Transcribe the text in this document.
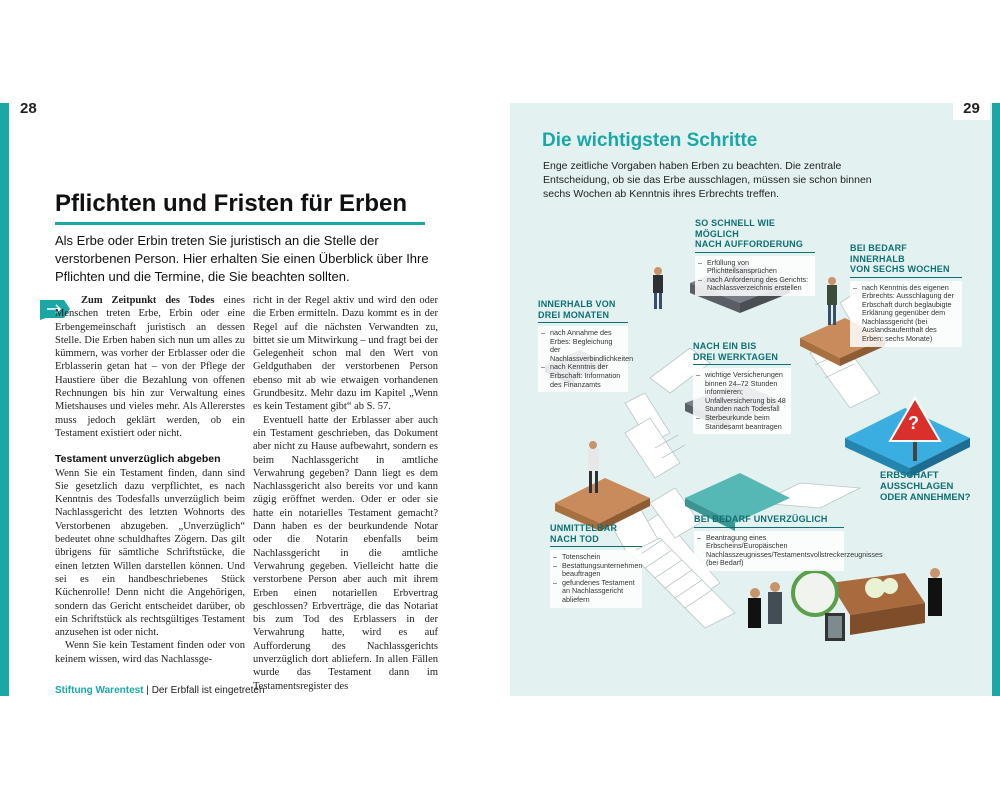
28
Pflichten und Fristen für Erben

Als Erbe oder Erbin treten Sie juristisch an die Stelle der verstorbenen Person. Hier erhalten Sie einen Überblick über Ihre Pflichten und die Termine, die Sie beachten sollten.

Zum Zeitpunkt des Todes eines Menschen treten Erbe, Erbin oder eine Erbengemeinschaft juristisch an dessen Stelle. Die Erben haben sich nun um alles zu kümmern, was vorher der Erblasser oder die Erblasserin getan hat – von der Pflege der Haustiere über die Bezahlung von offenen Rechnungen bis hin zur Verwaltung eines Mietshauses und vieles mehr. Als Allererstes muss jedoch geklärt werden, ob ein Testament existiert oder nicht.

Testament unverzüglich abgeben

Wenn Sie ein Testament finden, dann sind Sie gesetzlich dazu verpflichtet, es nach Kenntnis des Todesfalls unverzüglich beim Nachlassgericht des letzten Wohnorts des Verstorbenen abzugeben. „Unverzüglich“ bedeutet ohne schuldhaftes Zögern. Das gilt übrigens für sämtliche Schriftstücke, die einen letzten Willen darstellen können. Und sei es ein handbeschriebenes Stück Küchenrolle! Denn nicht die Angehörigen, sondern das Gericht entscheidet darüber, ob ein Schriftstück als rechtsgültiges Testament anzusehen ist oder nicht.

Wenn Sie kein Testament finden oder von keinem wissen, wird das Nachlassge-

richt in der Regel aktiv und wird den oder die Erben ermitteln. Dazu kommt es in der Regel auf die nächsten Verwandten zu, bittet sie um Mitwirkung – und fragt bei der Gelegenheit schon mal den Wert von Geldguthaben der verstorbenen Person ebenso mit ab wie etwaigen vorhandenen Grundbesitz. Mehr dazu im Kapitel „Wenn es kein Testament gibt“ ab S. 57.

Eventuell hatte der Erblasser aber auch ein Testament geschrieben, das Dokument aber nicht zu Hause aufbewahrt, sondern es beim Nachlassgericht in amtliche Verwahrung gegeben? Dann liegt es dem Nachlassgericht also bereits vor und kann zügig eröffnet werden. Oder er oder sie hatte ein notarielles Testament gemacht? Dann haben es der beurkundende Notar oder die Notarin ebenfalls beim Nachlassgericht in die amtliche Verwahrung gegeben. Vielleicht hatte die verstorbene Person aber auch mit ihrem Erben einen notariellen Erbvertrag geschlossen? Erbverträge, die das Notariat bis zum Tod des Erblassers in der Verwahrung hatte, wird es auf Aufforderung des Nachlassgerichts unverzüglich dort abliefern. In allen Fällen wurde das Testament dann im Testamentsregister des

Stiftung Warentest | Der Erbfall ist eingetreten
29
Die wichtigsten Schritte

Enge zeitliche Vorgaben haben Erben zu beachten. Die zentrale Entscheidung, ob sie das Erbe ausschlagen, müssen sie schon binnen sechs Wochen ab Kenntnis ihres Erbrechts treffen.

SO SCHNELL WIE MÖGLICH

NACH AUFFORDERUNG

– Erfüllung von Pflichtteilsansprüchen
– nach Anforderung des Gerichts: Nachlassverzeichnis erstellen

BEI BEDARF INNERHALB

VON SECHS WOCHEN

– nach Kenntnis des eigenen Erbrechts: Ausschlagung der Erbschaft durch beglaubigte Erklärung gegenüber dem Nachlassgericht (bei Auslandsaufenthalt des Erben: sechs Monate)

INNERHALB VON

DREI MONATEN

– nach Annahme des Erbes: Begleichung der Nachlassverbindlichkeiten
– nach Kenntnis der Erbschaft: Information des Finanzamts

NACH EIN BIS

DREI WERKTAGEN

– wichtige Versicherungen binnen 24–72 Stunden informieren; Unfallversicherung bis 48 Stunden nach Todesfall
– Sterbeurkunde beim Standesamt beantragen

UNMITTELBAR

NACH TOD

– Totenschein
– Bestattungsunternehmen beauftragen
– gefundenes Testament an Nachlassgericht abliefern

BEI BEDARF UNVERZÜGLICH

– Beantragung eines Erbscheins/Europäischen Nachlasszeugnisses/Testamentsvollstreckerzeugnisses (bei Bedarf)
ERBSCHAFT
AUSSCHLAGEN
ODER ANNEHMEN?
?
